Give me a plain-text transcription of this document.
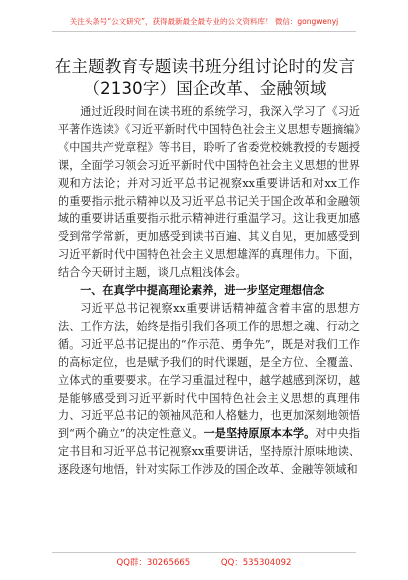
关注头条号“公文研究”，获得最新最全最专业的公文资料库！ 微信：gongwenyj
在主题教育专题读书班分组讨论时的发言（2130字）国企改革、金融领域

通过近段时间在读书班的系统学习，我深入学习了《习近平著作选读》《习近平新时代中国特色社会主义思想专题摘编》《中国共产党章程》等书目，聆听了省委党校姚教授的专题授课，全面学习领会习近平新时代中国特色社会主义思想的世界观和方法论；并对习近平总书记视察xx重要讲话和对xx工作的重要指示批示精神以及习近平总书记关于国企改革和金融领域的重要讲话重要指示批示精神进行重温学习。这让我更加感受到常学常新，更加感受到读书百遍、其义自见，更加感受到习近平新时代中国特色社会主义思想雄浑的真理伟力。下面，结合今天研讨主题，谈几点粗浅体会。

一、在真学中提高理论素养，进一步坚定理想信念

习近平总书记视察xx重要讲话精神蕴含着丰富的思想方法、工作方法，始终是指引我们各项工作的思想之魂、行动之循。习近平总书记提出的“作示范、勇争先”，既是对我们工作的高标定位，也是赋予我们的时代课题，是全方位、全覆盖、立体式的重要要求。在学习重温过程中，越学越感到深切，越是能够感受到习近平新时代中国特色社会主义思想的真理伟力、习近平总书记的领袖风范和人格魅力，也更加深刻地领悟到“两个确立”的决定性意义。一是坚持原原本本学。对中央指定书目和习近平总书记视察xx重要讲话，坚持原汁原味地读、逐段逐句地悟，针对实际工作涉及的国企改革、金融等领域和

QQ群：30265665	QQ：535304092
